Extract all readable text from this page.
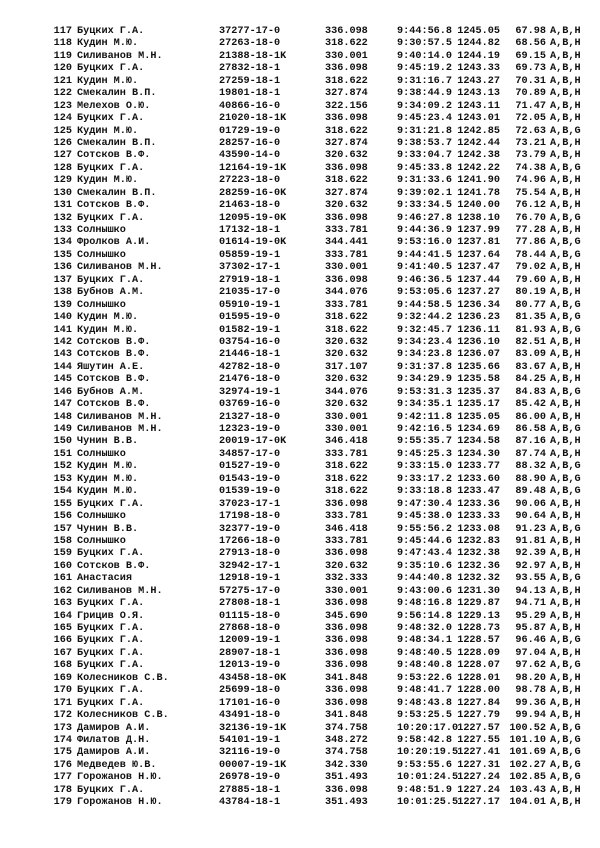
117 Буцких Г.А.	37277-17-0	336.098	9:44:56.8 1245.05	67.98 A,B,H
118 Кудин М.Ю.	27263-18-0	318.622	9:30:57.5 1244.82	68.56 A,B,H
119 Силиванов М.Н.	21388-18-1K	330.001	9:40:14.0 1244.19	69.15 A,B,H
120 Буцких Г.А.	27832-18-1	336.098	9:45:19.2 1243.33	69.73 A,B,H
121 Кудин М.Ю.	27259-18-1	318.622	9:31:16.7 1243.27	70.31 A,B,H
122 Смекалин В.П.	19801-18-1	327.874	9:38:44.9 1243.13	70.89 A,B,H
123 Мелехов О.Ю.	40866-16-0	322.156	9:34:09.2 1243.11	71.47 A,B,H
124 Буцких Г.А.	21020-18-1K	336.098	9:45:23.4 1243.01	72.05 A,B,H
125 Кудин М.Ю.	01729-19-0	318.622	9:31:21.8 1242.85	72.63 A,B,G
126 Смекалин В.П.	28257-16-0	327.874	9:38:53.7 1242.44	73.21 A,B,H
127 Сотсков В.Ф.	43590-14-0	320.632	9:33:04.7 1242.38	73.79 A,B,H
128 Буцких Г.А.	12164-19-1K	336.098	9:45:33.8 1242.22	74.38 A,B,G
129 Кудин М.Ю.	27223-18-0	318.622	9:31:33.6 1241.90	74.96 A,B,H
130 Смекалин В.П.	28259-16-0K	327.874	9:39:02.1 1241.78	75.54 A,B,H
131 Сотсков В.Ф.	21463-18-0	320.632	9:33:34.5 1240.00	76.12 A,B,H
132 Буцких Г.А.	12095-19-0K	336.098	9:46:27.8 1238.10	76.70 A,B,G
133 Солнышко	17132-18-1	333.781	9:44:36.9 1237.99	77.28 A,B,H
134 Фролков А.И.	01614-19-0K	344.441	9:53:16.0 1237.81	77.86 A,B,G
135 Солнышко	05859-19-1	333.781	9:44:41.5 1237.64	78.44 A,B,G
136 Силиванов М.Н.	37302-17-1	330.001	9:41:40.5 1237.47	79.02 A,B,H
137 Буцких Г.А.	27919-18-1	336.098	9:46:36.5 1237.44	79.60 A,B,H
138 Бубнов А.М.	21035-17-0	344.076	9:53:05.6 1237.27	80.19 A,B,H
139 Солнышко	05910-19-1	333.781	9:44:58.5 1236.34	80.77 A,B,G
140 Кудин М.Ю.	01595-19-0	318.622	9:32:44.2 1236.23	81.35 A,B,G
141 Кудин М.Ю.	01582-19-1	318.622	9:32:45.7 1236.11	81.93 A,B,G
142 Сотсков В.Ф.	03754-16-0	320.632	9:34:23.4 1236.10	82.51 A,B,H
143 Сотсков В.Ф.	21446-18-1	320.632	9:34:23.8 1236.07	83.09 A,B,H
144 Яшутин А.Е.	42782-18-0	317.107	9:31:37.8 1235.66	83.67 A,B,H
145 Сотсков В.Ф.	21476-18-0	320.632	9:34:29.9 1235.58	84.25 A,B,H
146 Бубнов А.М.	32974-19-1	344.076	9:53:31.3 1235.37	84.83 A,B,G
147 Сотсков В.Ф.	03769-16-0	320.632	9:34:35.1 1235.17	85.42 A,B,H
148 Силиванов М.Н.	21327-18-0	330.001	9:42:11.8 1235.05	86.00 A,B,H
149 Силиванов М.Н.	12323-19-0	330.001	9:42:16.5 1234.69	86.58 A,B,G
150 Чунин В.В.	20019-17-0K	346.418	9:55:35.7 1234.58	87.16 A,B,H
151 Солнышко	34857-17-0	333.781	9:45:25.3 1234.30	87.74 A,B,H
152 Кудин М.Ю.	01527-19-0	318.622	9:33:15.0 1233.77	88.32 A,B,G
153 Кудин М.Ю.	01543-19-0	318.622	9:33:17.2 1233.60	88.90 A,B,G
154 Кудин М.Ю.	01539-19-0	318.622	9:33:18.8 1233.47	89.48 A,B,G
155 Буцких Г.А.	37023-17-1	336.098	9:47:30.4 1233.36	90.06 A,B,H
156 Солнышко	17198-18-0	333.781	9:45:38.0 1233.33	90.64 A,B,H
157 Чунин В.В.	32377-19-0	346.418	9:55:56.2 1233.08	91.23 A,B,G
158 Солнышко	17266-18-0	333.781	9:45:44.6 1232.83	91.81 A,B,H
159 Буцких Г.А.	27913-18-0	336.098	9:47:43.4 1232.38	92.39 A,B,H
160 Сотсков В.Ф.	32942-17-1	320.632	9:35:10.6 1232.36	92.97 A,B,H
161 Анастасия	12918-19-1	332.333	9:44:40.8 1232.32	93.55 A,B,G
162 Силиванов М.Н.	57275-17-0	330.001	9:43:00.6 1231.30	94.13 A,B,H
163 Буцких Г.А.	27808-18-1	336.098	9:48:16.8 1229.87	94.71 A,B,H
164 Грицив О.Я.	01115-18-0	345.690	9:56:14.8 1229.13	95.29 A,B,H
165 Буцких Г.А.	27868-18-0	336.098	9:48:32.0 1228.73	95.87 A,B,H
166 Буцких Г.А.	12009-19-1	336.098	9:48:34.1 1228.57	96.46 A,B,G
167 Буцких Г.А.	28907-18-1	336.098	9:48:40.5 1228.09	97.04 A,B,H
168 Буцких Г.А.	12013-19-0	336.098	9:48:40.8 1228.07	97.62 A,B,G
169 Колесников С.В.	43458-18-0K	341.848	9:53:22.6 1228.01	98.20 A,B,H
170 Буцких Г.А.	25699-18-0	336.098	9:48:41.7 1228.00	98.78 A,B,H
171 Буцких Г.А.	17101-16-0	336.098	9:48:43.8 1227.84	99.36 A,B,H
172 Колесников С.В.	43491-18-0	341.848	9:53:25.5 1227.79	99.94 A,B,H
173 Дамиров А.И.	32136-19-1K	374.758	10:20:17.0 1227.57 100.52 A,B,G
174 Филатов Д.Н.	54101-19-1	348.272	9:58:42.8 1227.55 101.10 A,B,G
175 Дамиров А.И.	32116-19-0	374.758	10:20:19.5 1227.41 101.69 A,B,G
176 Медведев Ю.В.	00007-19-1K	342.330	9:53:55.6 1227.31 102.27 A,B,G
177 Горожанов Н.Ю.	26978-19-0	351.493	10:01:24.5 1227.24 102.85 A,B,G
178 Буцких Г.А.	27885-18-1	336.098	9:48:51.9 1227.24 103.43 A,B,H
179 Горожанов Н.Ю.	43784-18-1	351.493	10:01:25.5 1227.17 104.01 A,B,H
